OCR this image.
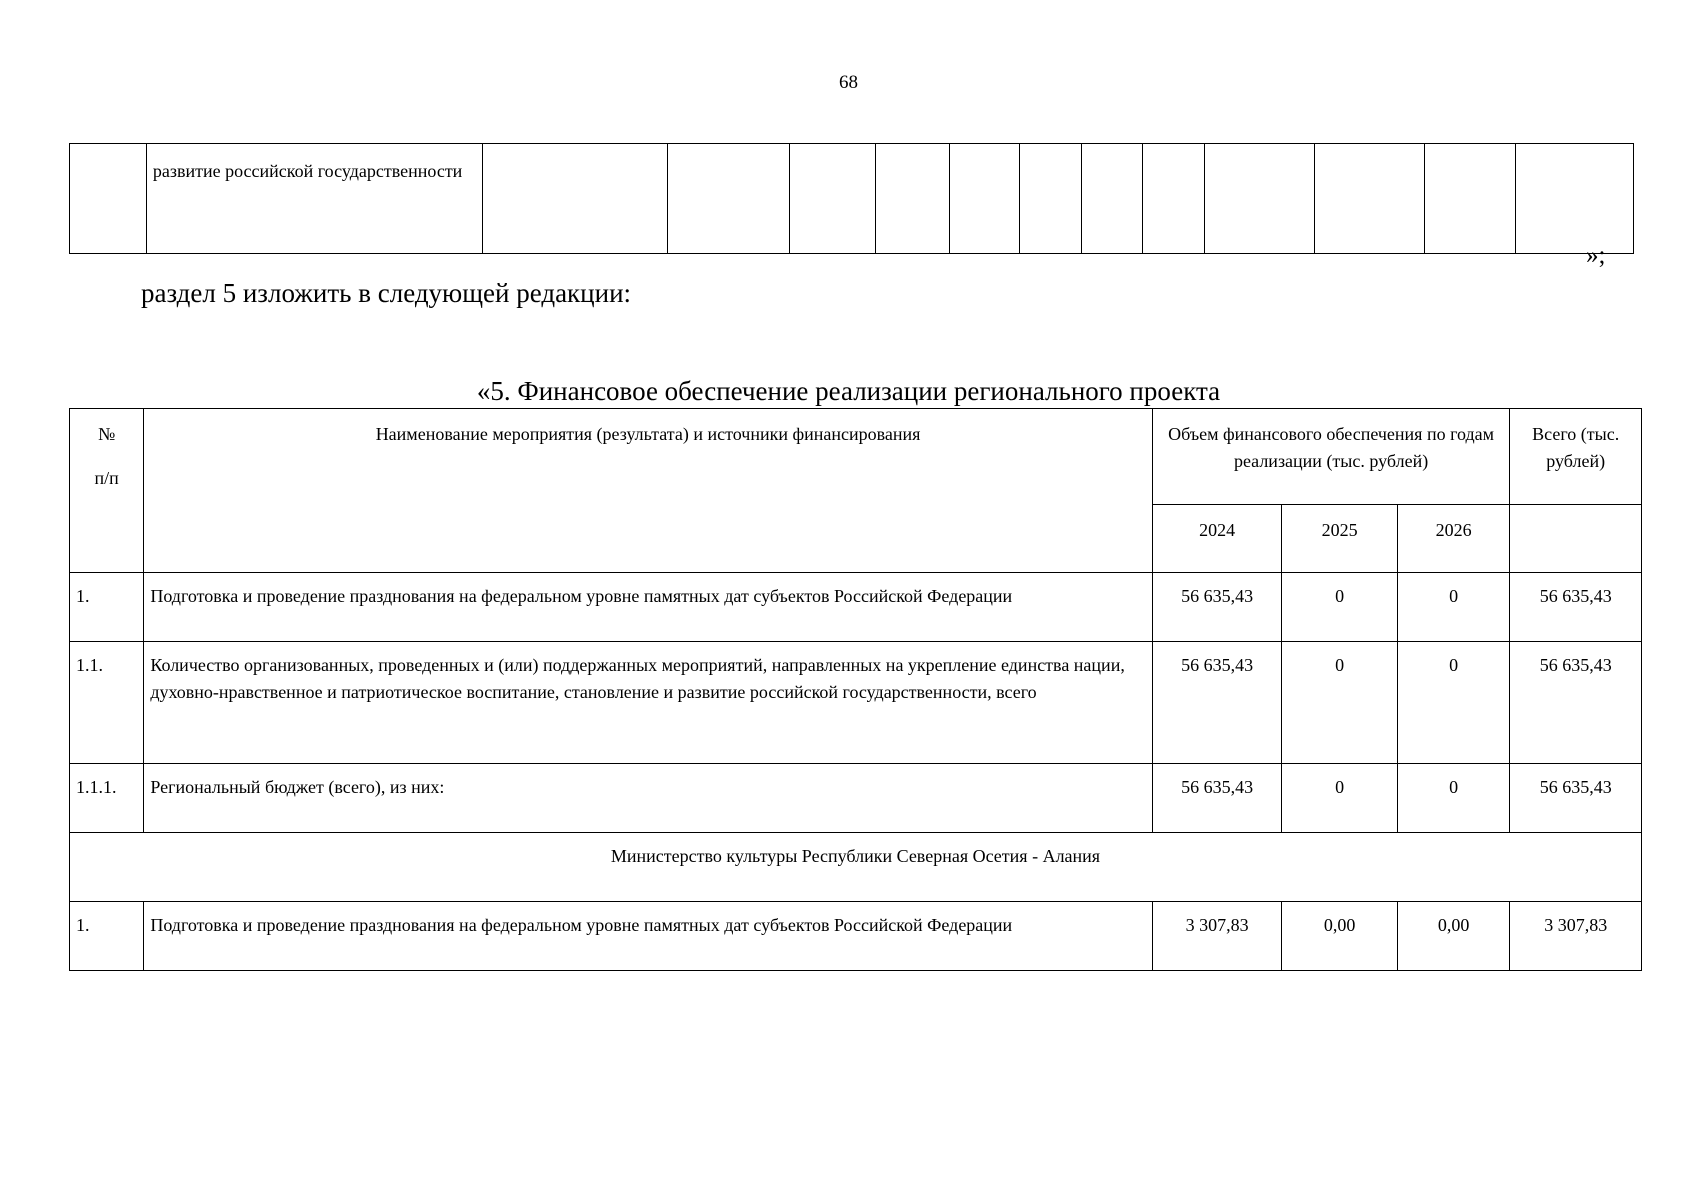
68
	развитие российской государственности												
»;
раздел 5 изложить в следующей редакции:
«5. Финансовое обеспечение реализации регионального проекта
№
п/п	Наименование мероприятия (результата) и источники финансирования	Объем финансового обеспечения по годам реализации (тыс. рублей)			Всего (тыс. рублей)
		2024	2025	2026	
1.	Подготовка и проведение празднования на федеральном уровне памятных дат субъектов Российской Федерации	56 635,43	0	0	56 635,43
1.1.	Количество организованных, проведенных и (или) поддержанных мероприятий, направленных на укрепление единства нации, духовно-нравственное и патриотическое воспитание, становление и развитие российской государственности, всего	56 635,43	0	0	56 635,43
1.1.1.	Региональный бюджет (всего), из них:	56 635,43	0	0	56 635,43
Министерство культуры Республики Северная Осетия - Алания					
1.	Подготовка и проведение празднования на федеральном уровне памятных дат субъектов Российской Федерации	3 307,83	0,00	0,00	3 307,83
